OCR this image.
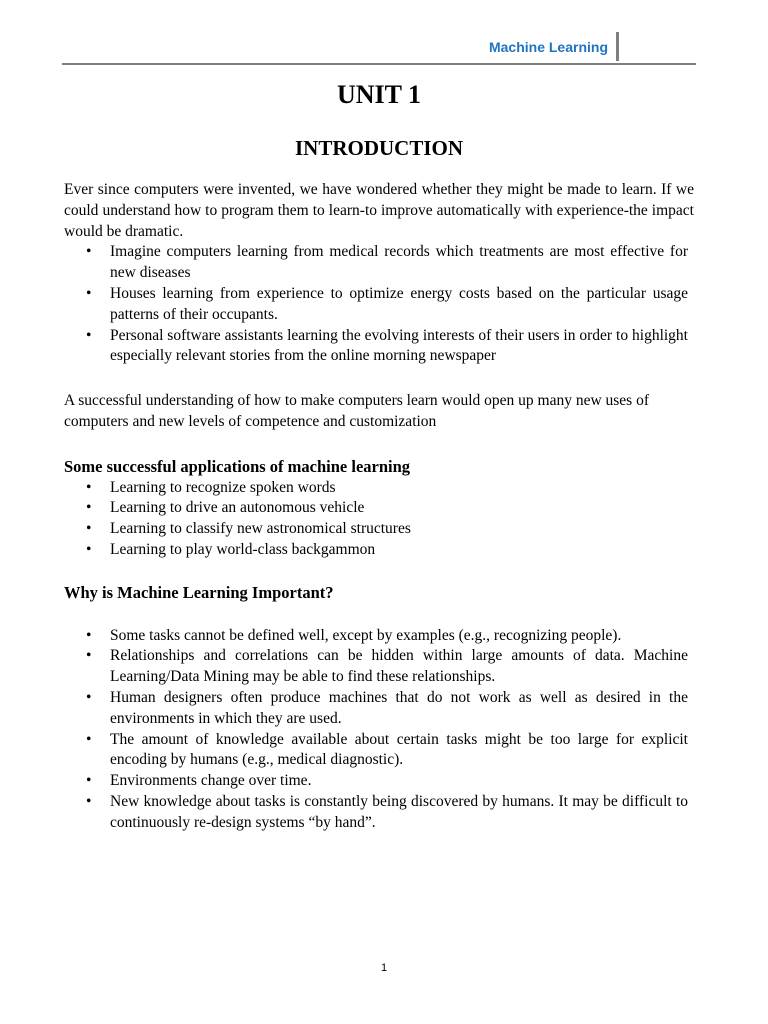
Machine Learning
UNIT 1
INTRODUCTION

Ever since computers were invented, we have wondered whether they might be made to learn. If we could understand how to program them to learn-to improve automatically with experience-the impact would be dramatic.

• Imagine computers learning from medical records which treatments are most effective for new diseases
• Houses learning from experience to optimize energy costs based on the particular usage patterns of their occupants.
• Personal software assistants learning the evolving interests of their users in order to highlight especially relevant stories from the online morning newspaper

A successful understanding of how to make computers learn would open up many new uses of computers and new levels of competence and customization

Some successful applications of machine learning
• Learning to recognize spoken words
• Learning to drive an autonomous vehicle
• Learning to classify new astronomical structures
• Learning to play world-class backgammon
Why is Machine Learning Important?
• Some tasks cannot be defined well, except by examples (e.g., recognizing people).
• Relationships and correlations can be hidden within large amounts of data. Machine Learning/Data Mining may be able to find these relationships.
• Human designers often produce machines that do not work as well as desired in the environments in which they are used.
• The amount of knowledge available about certain tasks might be too large for explicit encoding by humans (e.g., medical diagnostic).
• Environments change over time.
• New knowledge about tasks is constantly being discovered by humans. It may be difficult to continuously re-design systems “by hand”.
1
